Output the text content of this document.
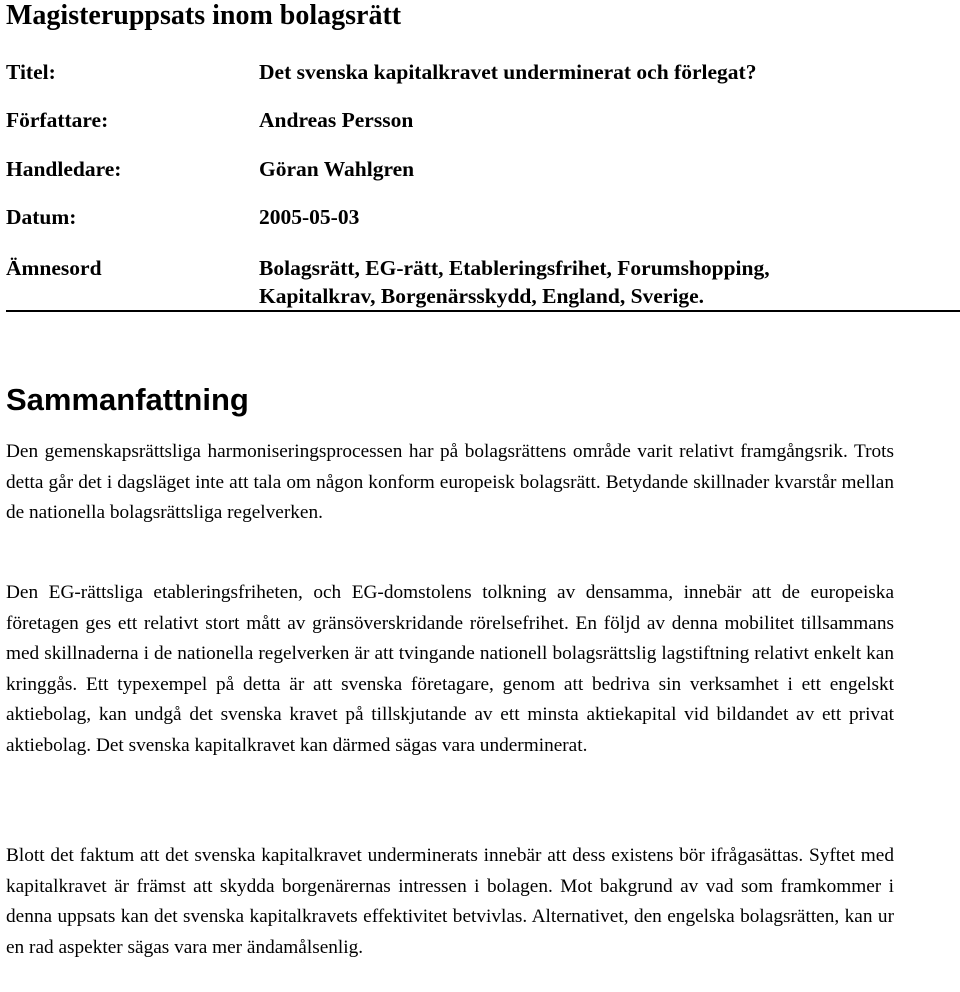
Magisteruppsats inom bolagsrätt
Titel:	Det svenska kapitalkravet underminerat och förlegat?
Författare:	Andreas Persson
Handledare:	Göran Wahlgren
Datum:	2005-05-03
Ämnesord	Bolagsrätt, EG-rätt, Etableringsfrihet, Forumshopping,
Kapitalkrav, Borgenärsskydd, England, Sverige.
Sammanfattning

Den gemenskapsrättsliga harmoniseringsprocessen har på bolagsrättens område varit relativt framgångsrik. Trots detta går det i dagsläget inte att tala om någon konform europeisk bolagsrätt. Betydande skillnader kvarstår mellan de nationella bolagsrättsliga regelverken.

Den EG-rättsliga etableringsfriheten, och EG-domstolens tolkning av densamma, innebär att de europeiska företagen ges ett relativt stort mått av gränsöverskridande rörelsefrihet. En följd av denna mobilitet tillsammans med skillnaderna i de nationella regelverken är att tvingande nationell bolagsrättslig lagstiftning relativt enkelt kan kringgås. Ett typexempel på detta är att svenska företagare, genom att bedriva sin verksamhet i ett engelskt aktiebolag, kan undgå det svenska kravet på tillskjutande av ett minsta aktiekapital vid bildandet av ett privat aktiebolag. Det svenska kapitalkravet kan därmed sägas vara underminerat.

Blott det faktum att det svenska kapitalkravet underminerats innebär att dess existens bör ifrågasättas. Syftet med kapitalkravet är främst att skydda borgenärernas intressen i bolagen. Mot bakgrund av vad som framkommer i denna uppsats kan det svenska kapitalkravets effektivitet betvivlas. Alternativet, den engelska bolagsrätten, kan ur en rad aspekter sägas vara mer ändamålsenlig.
